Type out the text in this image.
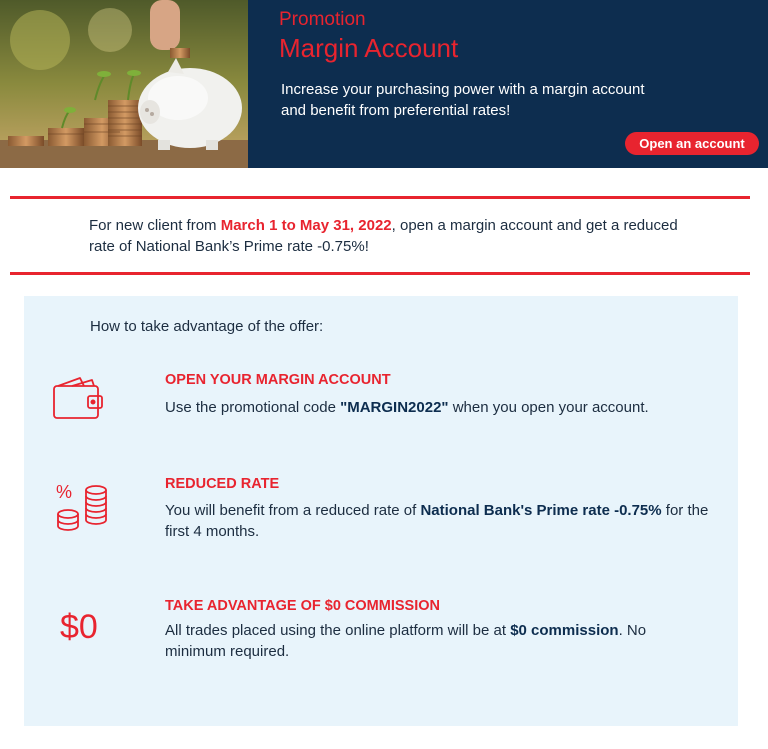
Promotion
Margin Account
Increase your purchasing power with a margin account and benefit from preferential rates!
Open an account
For new client from March 1 to May 31, 2022, open a margin account and get a reduced rate of National Bank’s Prime rate -0.75%!
How to take advantage of the offer:
OPEN YOUR MARGIN ACCOUNT
Use the promotional code "MARGIN2022" when you open your account.
%	REDUCED RATE
You will benefit from a reduced rate of National Bank's Prime rate -0.75% for the first 4 months.
$0
TAKE ADVANTAGE OF $0 COMMISSION
All trades placed using the online platform will be at $0 commission. No minimum required.
